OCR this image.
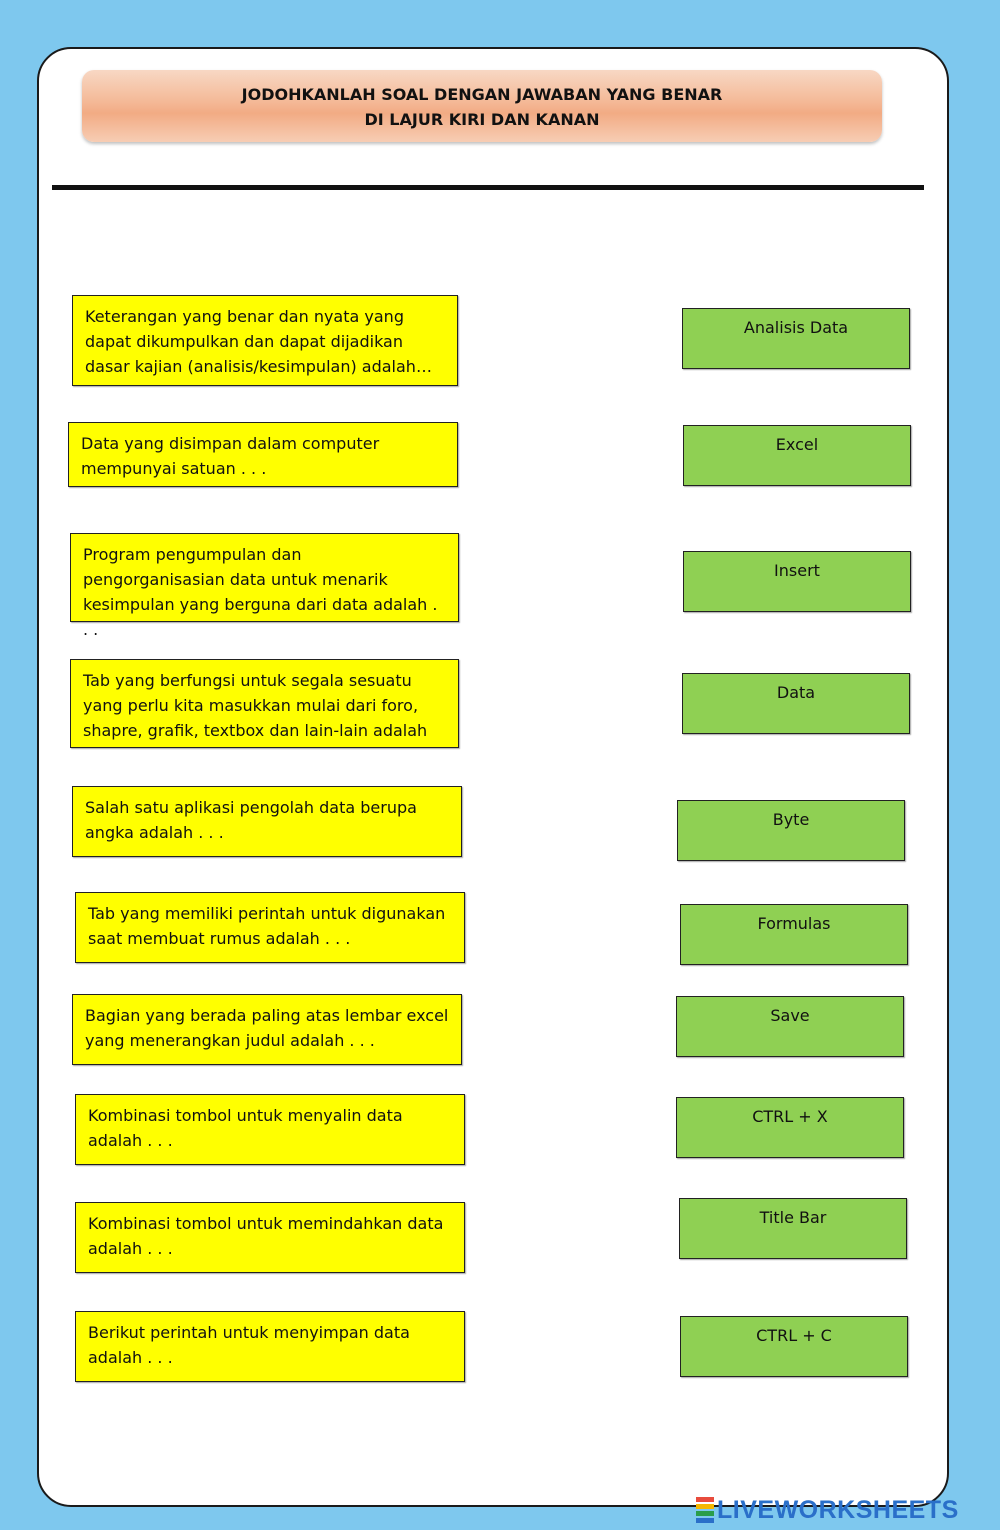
JODOHKANLAH SOAL DENGAN JAWABAN YANG BENAR
DI LAJUR KIRI DAN KANAN
Keterangan yang benar dan nyata yang dapat dikumpulkan dan dapat dijadikan dasar kajian (analisis/kesimpulan) adalah…
Data yang disimpan dalam computer mempunyai satuan . . .
Program pengumpulan dan pengorganisasian data untuk menarik kesimpulan yang berguna dari data adalah . . .
Tab yang berfungsi untuk segala sesuatu yang perlu kita masukkan mulai dari foro, shapre, grafik, textbox dan lain-lain adalah
Salah satu aplikasi pengolah data berupa angka adalah . . .
Tab yang memiliki perintah untuk digunakan saat membuat rumus adalah . . .
Bagian yang berada paling atas lembar excel yang menerangkan judul adalah . . .
Kombinasi tombol untuk menyalin data adalah . . .
Kombinasi tombol untuk memindahkan data adalah . . .
Berikut perintah untuk menyimpan data adalah . . .
Analisis Data
Excel
Insert
Data
Byte
Formulas
Save
CTRL + X
Title Bar
CTRL + C
LIVEWORKSHEETS
